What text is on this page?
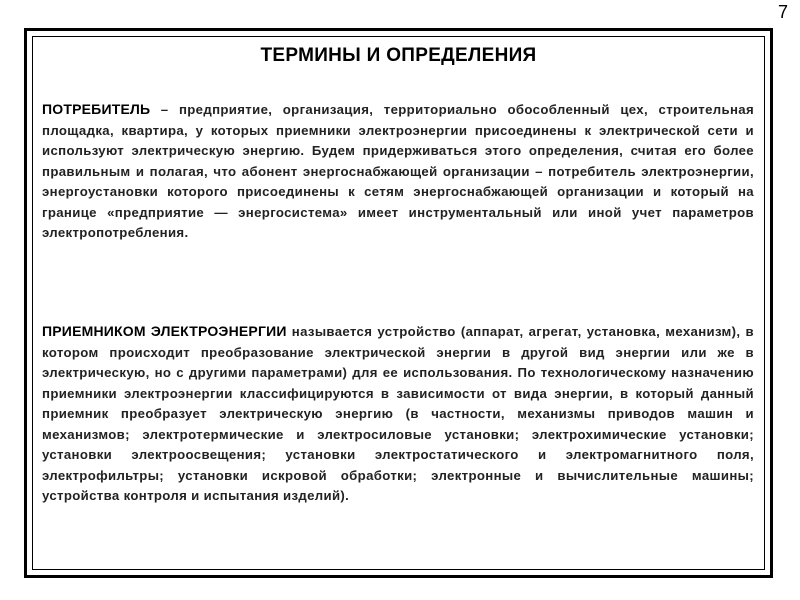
7
ТЕРМИНЫ И ОПРЕДЕЛЕНИЯ
ПОТРЕБИТЕЛЬ – предприятие, организация, территориально обособленный цех, строительная площадка, квартира, у которых приемники электроэнергии присоединены к электрической сети и используют электрическую энергию. Будем придерживаться этого определения, считая его более правильным и полагая, что абонент энергоснабжающей организации – потребитель электроэнергии, энергоустановки которого присоединены к сетям энергоснабжающей организации и который на границе «предприятие — энергосистема» имеет инструментальный или иной учет параметров электропотребления.
ПРИЕМНИКОМ ЭЛЕКТРОЭНЕРГИИ называется устройство (аппарат, агрегат, установка, механизм), в котором происходит преобразование электрической энергии в другой вид энергии или же в электрическую, но с другими параметрами) для ее использования. По технологическому назначению приемники электроэнергии классифицируются в зависимости от вида энергии, в который данный приемник преобразует электрическую энергию (в частности, механизмы приводов машин и механизмов; электротермические и электросиловые установки; электрохимические установки; установки электроосвещения; установки электростатического и электромагнитного поля, электрофильтры; установки искровой обработки; электронные и вычислительные машины; устройства контроля и испытания изделий).
